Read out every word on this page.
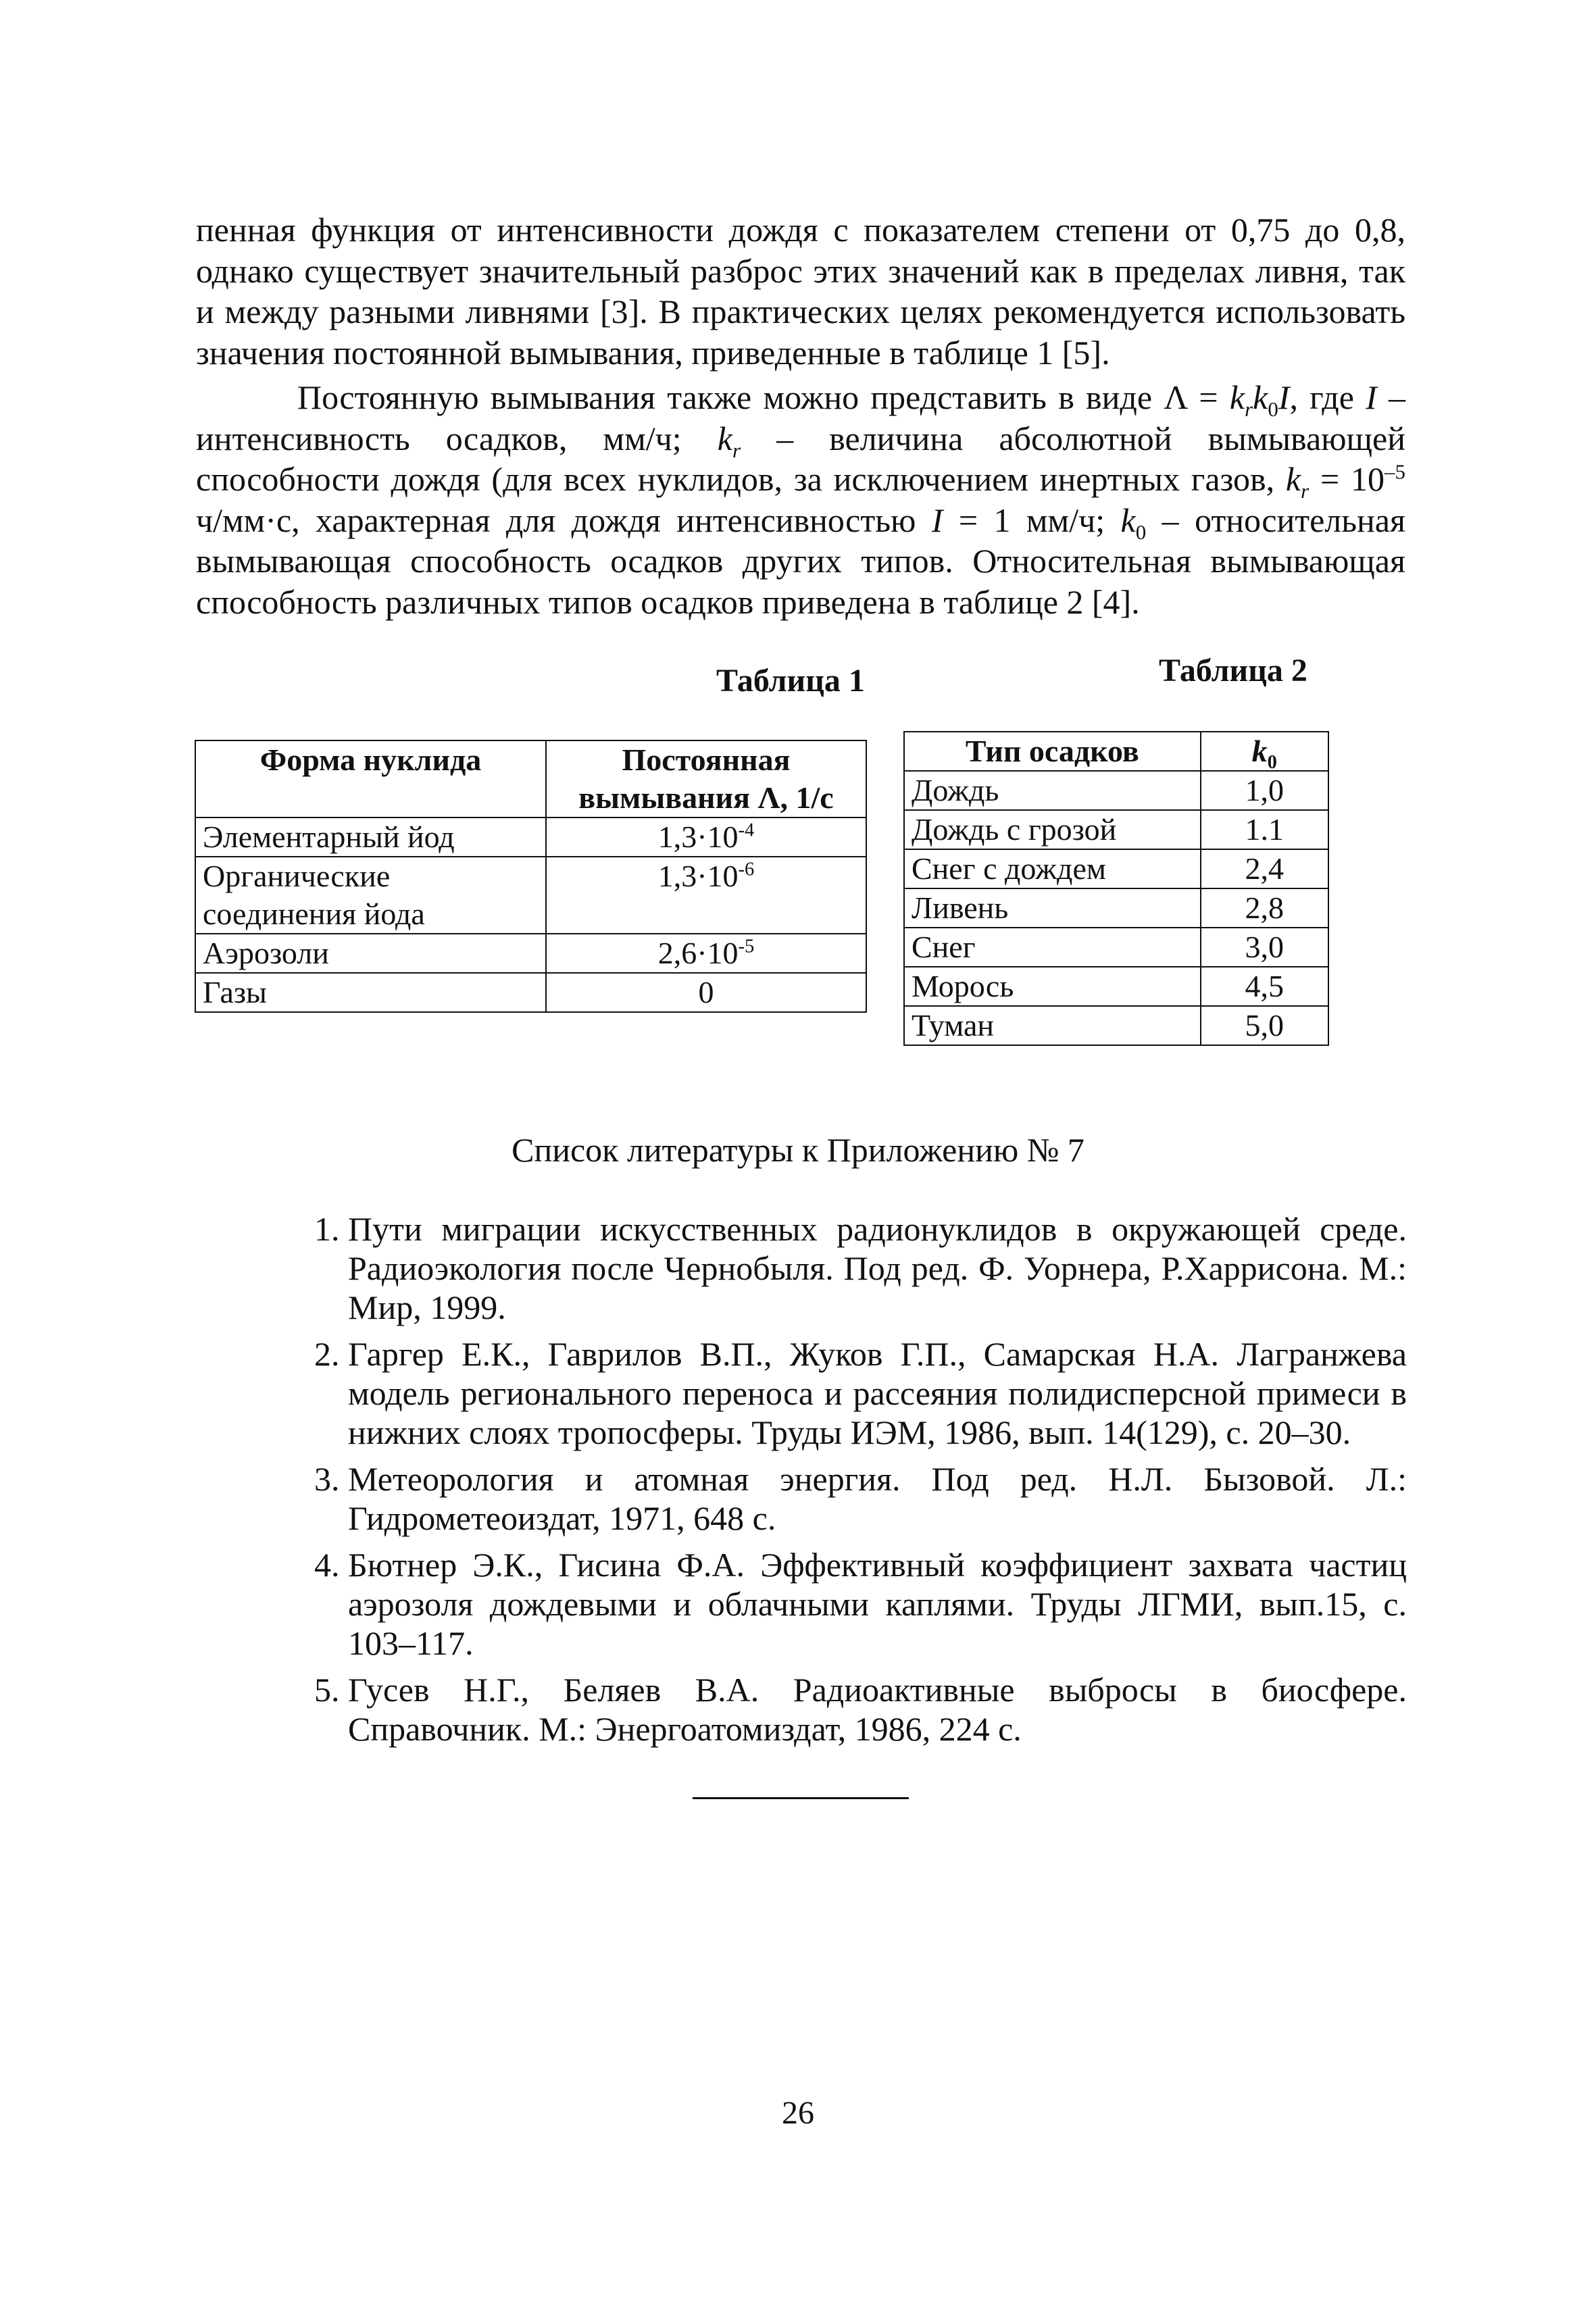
пенная функция от интенсивности дождя с показателем степени от 0,75 до 0,8, однако существует значительный разброс этих значений как в пределах ливня, так и между разными ливнями [3]. В практических целях рекомендуется использовать значения постоянной вымывания, приведенные в таблице 1 [5].

Постоянную вымывания также можно представить в виде $\Lambda = k_rk_0I$, где I – интенсивность осадков, мм/ч; $k_r$ – величина абсолютной вымывающей способности дождя (для всех нуклидов, за исключением инертных газов, $k_r = 10^{-5}$ ч/мм·с, характерная для дождя интенсивностью I = 1 мм/ч; $k_0$ – относительная вымывающая способность осадков других типов. Относительная вымывающая способность различных типов осадков приведена в таблице 2 [4].

Таблица 1	Таблица 2
Форма нуклида	Постоянная вымывания Λ, 1/с
Элементарный йод	$1,3\cdot 10^{-4}$
Органические соединения йода	$1,3\cdot 10^{-6}$
Аэрозоли	$2,6\cdot 10^{-5}$
Газы	0
Тип осадков	$k_0$
Дождь	1,0
Дождь с грозой	1.1
Снег с дождем	2,4
Ливень	2,8
Снег	3,0
Морось	4,5
Туман	5,0
Список литературы к Приложению № 7
1. Пути миграции искусственных радионуклидов в окружающей среде. Радиоэкология после Чернобыля. Под ред. Ф. Уорнера, Р.Харрисона. М.: Мир, 1999.
2. Гаргер Е.К., Гаврилов В.П., Жуков Г.П., Самарская Н.А. Лагранжева модель регионального переноса и рассеяния полидисперсной примеси в нижних слоях тропосферы. Труды ИЭМ, 1986, вып. 14(129), с. 20–30.
3. Метеорология и атомная энергия. Под ред. Н.Л. Бызовой. Л.: Гидрометеоиздат, 1971, 648 с.
4. Бютнер Э.К., Гисина Ф.А. Эффективный коэффициент захвата частиц аэрозоля дождевыми и облачными каплями. Труды ЛГМИ, вып.15, с. 103–117.
5. Гусев Н.Г., Беляев В.А. Радиоактивные выбросы в биосфере. Справочник. М.: Энергоатомиздат, 1986, 224 с.
26
